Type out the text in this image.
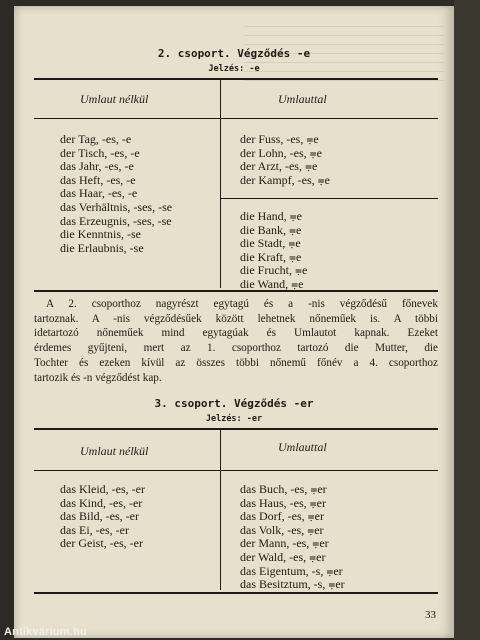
2. csoport. Végződés -e
Jelzés: -e
Umlaut nélkül	Umlauttal
der Tag, -es, -e
der Tisch, -es, -e
das Jahr, -es, -e
das Heft, -es, -e
das Haar, -es, -e
das Verhältnis, -ses, -se
das Erzeugnis, -ses, -se
die Kenntnis, -se
die Erlaubnis, -se
der Fuss, -es, ⩦e
der Lohn, -es, ⩦e
der Arzt, -es, ⩦e
der Kampf, -es, ⩦e
die Hand, ⩦e
die Bank, ⩦e
die Stadt, ⩦e
die Kraft, ⩦e
die Frucht, ⩦e
die Wand, ⩦e
A 2. csoporthoz nagyrészt egytagú és a -nis végződésű főnevek
tartoznak. A -nis végződésűek között lehetnek nőneműek is. A többi
idetartozó nőneműek mind egytagúak és Umlautot kapnak. Ezeket
érdemes gyűjteni, mert az 1. csoporthoz tartozó die Mutter, die
Tochter és ezeken kívül az összes többi nőnemű főnév a 4. csoporthoz
tartozik és -n végződést kap.
3. csoport. Végződés -er
Jelzés: -er
Umlaut nélkül	Umlauttal
das Kleid, -es, -er
das Kind, -es, -er
das Bild, -es, -er
das Ei, -es, -er
der Geist, -es, -er
das Buch, -es, ⩦er
das Haus, -es, ⩦er
das Dorf, -es, ⩦er
das Volk, -es, ⩦er
der Mann, -es, ⩦er
der Wald, -es, ⩦er
das Eigentum, -s, ⩦er
das Besitztum, -s, ⩦er
33
Antikvárium.hu
